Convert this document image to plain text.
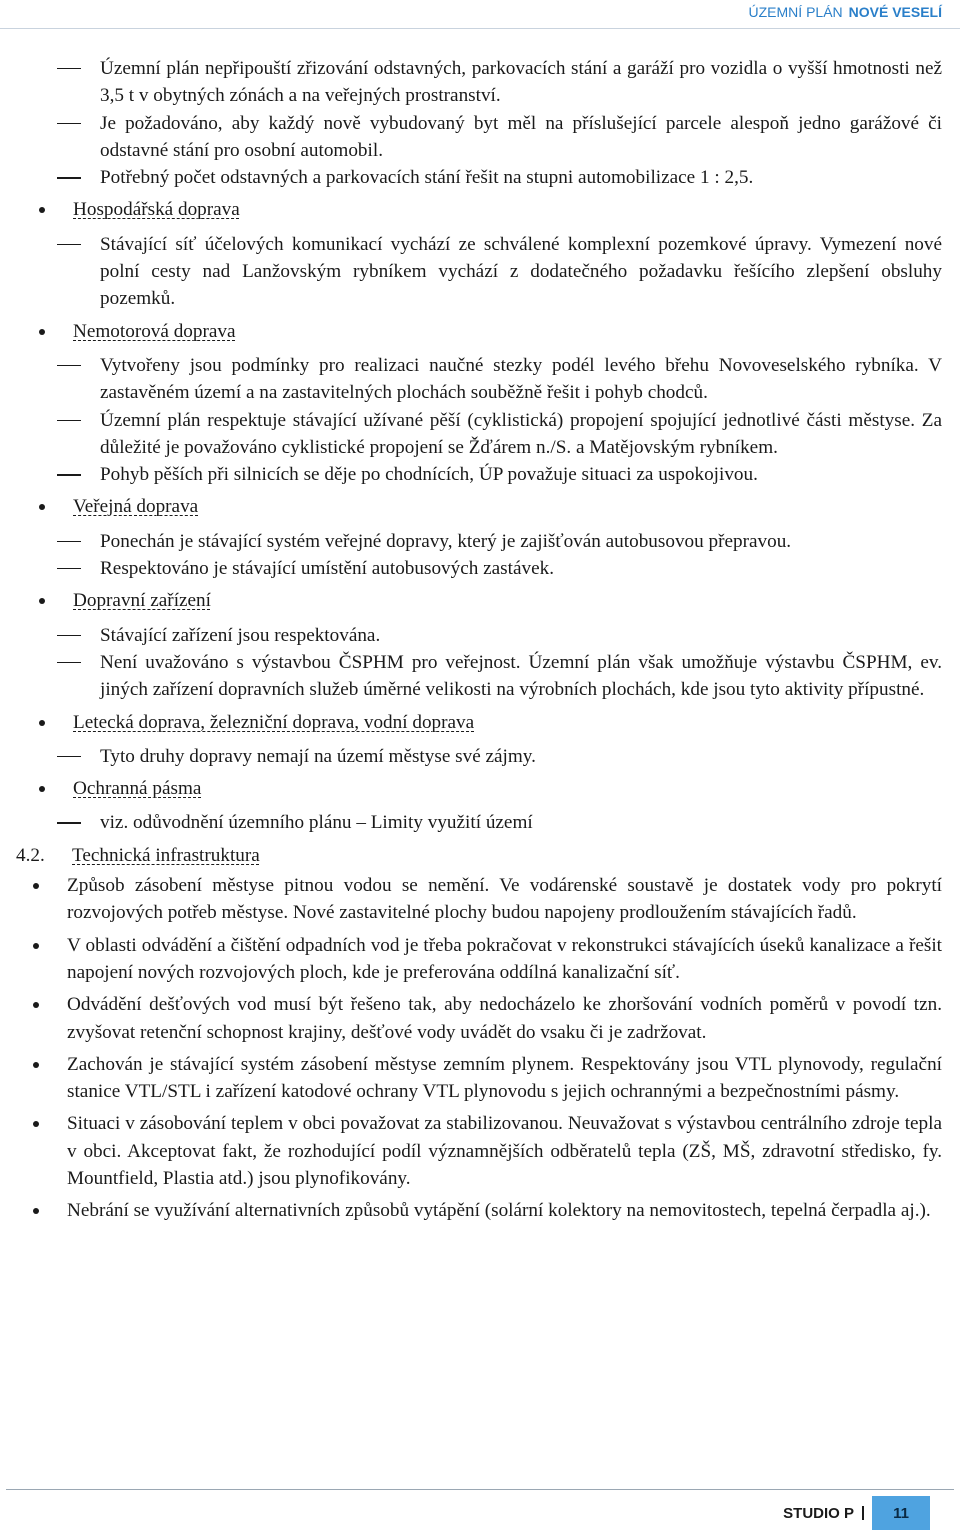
ÚZEMNÍ PLÁN NOVÉ VESELÍ
Územní plán nepřipouští zřizování odstavných, parkovacích stání a garáží pro vozidla o vyšší hmotnosti než 3,5 t v obytných zónách a na veřejných prostranství.
Je požadováno, aby každý nově vybudovaný byt měl na příslušející parcele alespoň jedno garážové či odstavné stání pro osobní automobil.
Potřebný počet odstavných a parkovacích stání řešit na stupni automobilizace 1 : 2,5.
Hospodářská doprava
Stávající síť účelových komunikací vychází ze schválené komplexní pozemkové úpravy. Vymezení nové polní cesty nad Lanžovským rybníkem vychází z dodatečného požadavku řešícího zlepšení obsluhy pozemků.
Nemotorová doprava
Vytvořeny jsou podmínky pro realizaci naučné stezky podél levého břehu Novoveselského rybníka. V zastavěném území a na zastavitelných plochách souběžně řešit i pohyb chodců.
Územní plán respektuje stávající užívané pěší (cyklistická) propojení spojující jednotlivé části městyse. Za důležité je považováno cyklistické propojení se Žďárem n./S. a Matějovským rybníkem.
Pohyb pěších při silnicích se děje po chodnících, ÚP považuje situaci za uspokojivou.
Veřejná doprava
Ponechán je stávající systém veřejné dopravy, který je zajišťován autobusovou přepravou.
Respektováno je stávající umístění autobusových zastávek.
Dopravní zařízení
Stávající zařízení jsou respektována.
Není uvažováno s výstavbou ČSPHM pro veřejnost. Územní plán však umožňuje výstavbu ČSPHM, ev. jiných zařízení dopravních služeb úměrné velikosti na výrobních plochách, kde jsou tyto aktivity přípustné.
Letecká doprava, železniční doprava, vodní doprava
Tyto druhy dopravy nemají na území městyse své zájmy.
Ochranná pásma
viz. odůvodnění územního plánu – Limity využití území
4.2. Technická infrastruktura
Způsob zásobení městyse pitnou vodou se nemění. Ve vodárenské soustavě je dostatek vody pro pokrytí rozvojových potřeb městyse. Nové zastavitelné plochy budou napojeny prodloužením stávajících řadů.
V oblasti odvádění a čištění odpadních vod je třeba pokračovat v rekonstrukci stávajících úseků kanalizace a řešit napojení nových rozvojových ploch, kde je preferována oddílná kanalizační síť.
Odvádění dešťových vod musí být řešeno tak, aby nedocházelo ke zhoršování vodních poměrů v povodí tzn. zvyšovat retenční schopnost krajiny, dešťové vody uvádět do vsaku či je zadržovat.
Zachován je stávající systém zásobení městyse zemním plynem. Respektovány jsou VTL plynovody, regulační stanice VTL/STL i zařízení katodové ochrany VTL plynovodu s jejich ochrannými a bezpečnostními pásmy.
Situaci v zásobování teplem v obci považovat za stabilizovanou. Neuvažovat s výstavbou centrálního zdroje tepla v obci. Akceptovat fakt, že rozhodující podíl významnějších odběratelů tepla (ZŠ, MŠ, zdravotní středisko, fy. Mountfield, Plastia atd.) jsou plynofikovány.
Nebrání se využívání alternativních způsobů vytápění (solární kolektory na nemovitostech, tepelná čerpadla aj.).
STUDIO P	11
